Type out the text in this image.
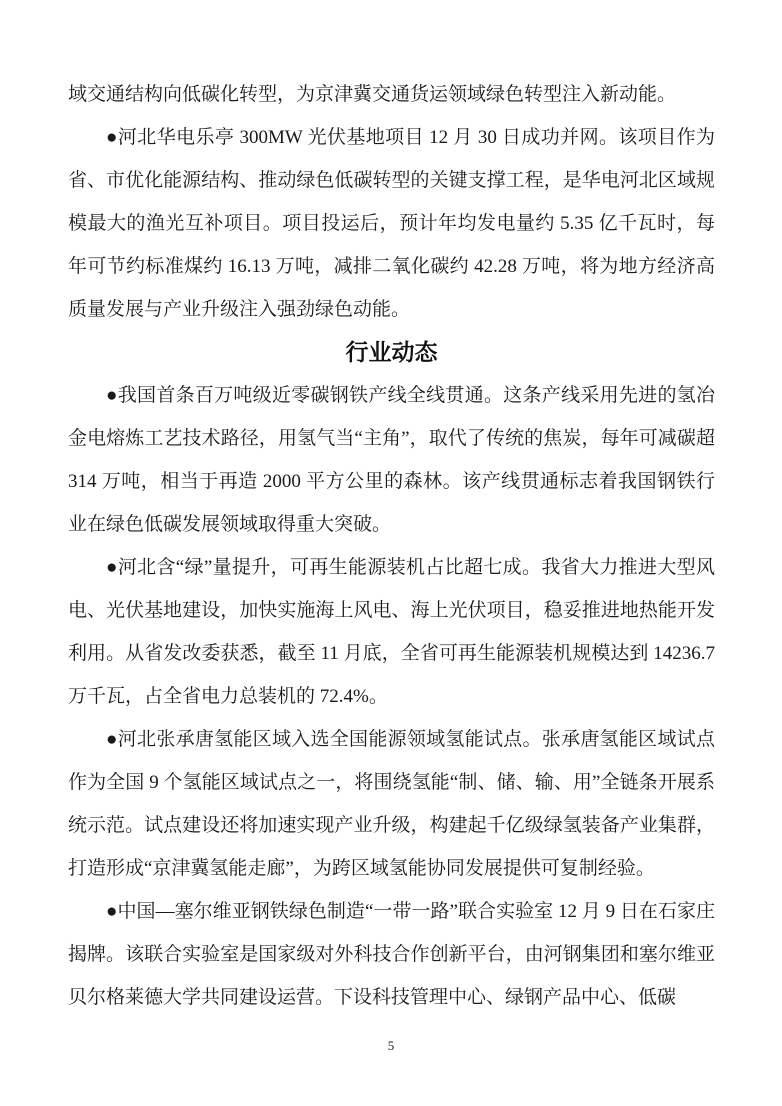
域交通结构向低碳化转型，为京津冀交通货运领域绿色转型注入新动能。

●河北华电乐亭 300MW 光伏基地项目 12 月 30 日成功并网。该项目作为省、市优化能源结构、推动绿色低碳转型的关键支撑工程，是华电河北区域规模最大的渔光互补项目。项目投运后，预计年均发电量约 5.35 亿千瓦时，每年可节约标准煤约 16.13 万吨，减排二氧化碳约 42.28 万吨，将为地方经济高质量发展与产业升级注入强劲绿色动能。

行业动态

●我国首条百万吨级近零碳钢铁产线全线贯通。这条产线采用先进的氢冶金电熔炼工艺技术路径，用氢气当“主角”，取代了传统的焦炭，每年可减碳超 314 万吨，相当于再造 2000 平方公里的森林。该产线贯通标志着我国钢铁行业在绿色低碳发展领域取得重大突破。

●河北含“绿”量提升，可再生能源装机占比超七成。我省大力推进大型风电、光伏基地建设，加快实施海上风电、海上光伏项目，稳妥推进地热能开发利用。从省发改委获悉，截至 11 月底，全省可再生能源装机规模达到 14236.7 万千瓦，占全省电力总装机的 72.4%。

●河北张承唐氢能区域入选全国能源领域氢能试点。张承唐氢能区域试点作为全国 9 个氢能区域试点之一，将围绕氢能“制、储、输、用”全链条开展系统示范。试点建设还将加速实现产业升级，构建起千亿级绿氢装备产业集群，打造形成“京津冀氢能走廊”，为跨区域氢能协同发展提供可复制经验。

●中国—塞尔维亚钢铁绿色制造“一带一路”联合实验室 12 月 9 日在石家庄揭牌。该联合实验室是国家级对外科技合作创新平台，由河钢集团和塞尔维亚贝尔格莱德大学共同建设运营。下设科技管理中心、绿钢产品中心、低碳

5
